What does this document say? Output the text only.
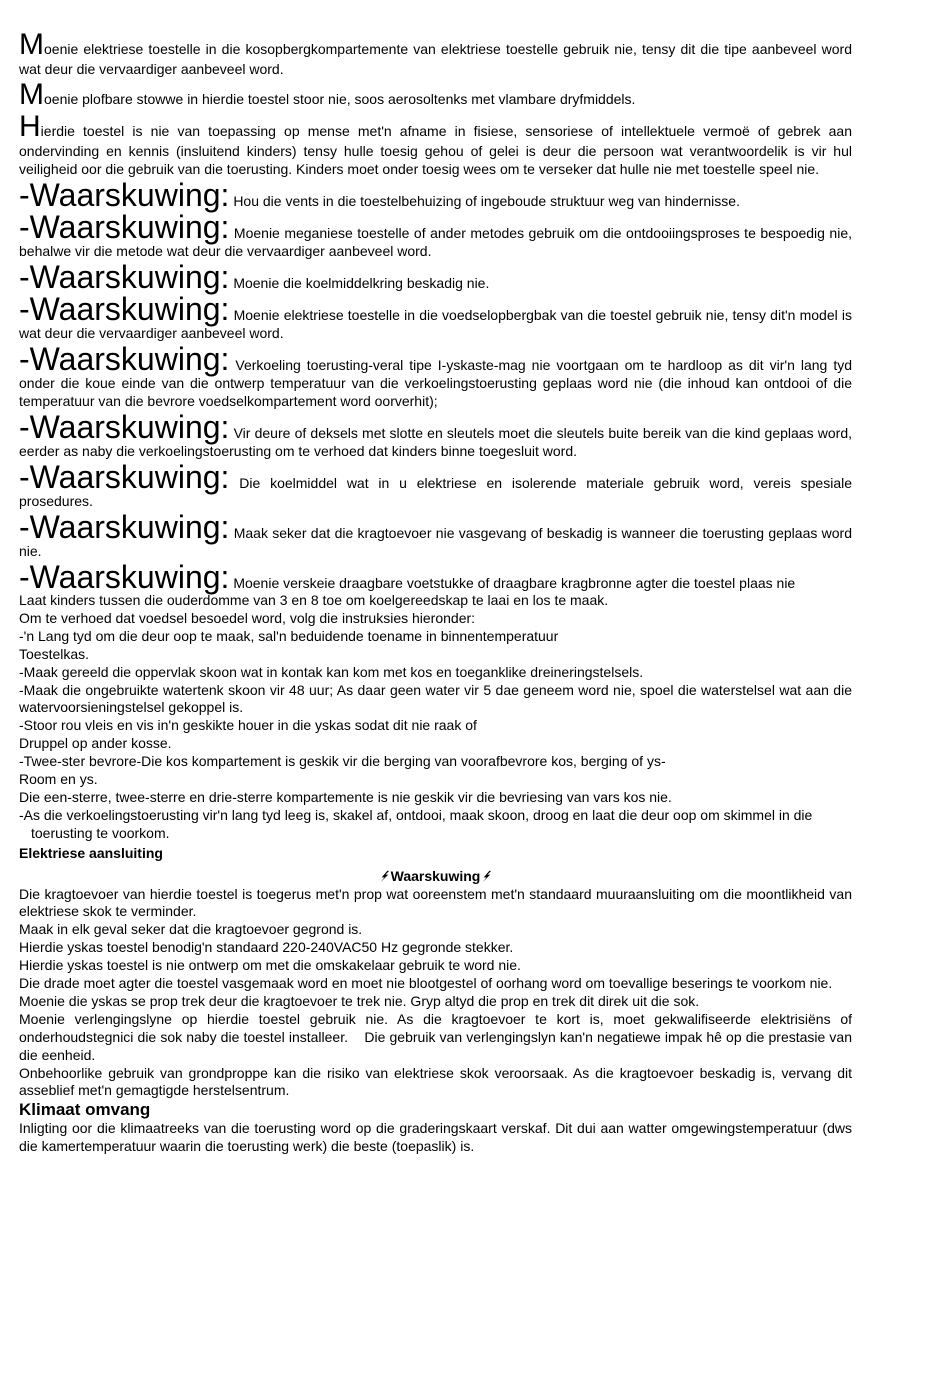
Moenie elektriese toestelle in die kosopbergkompartemente van elektriese toestelle gebruik nie, tensy dit die tipe aanbeveel word wat deur die vervaardiger aanbeveel word.

Moenie plofbare stowwe in hierdie toestel stoor nie, soos aerosoltenks met vlambare dryfmiddels.

Hierdie toestel is nie van toepassing op mense met'n afname in fisiese, sensoriese of intellektuele vermoë of gebrek aan ondervinding en kennis (insluitend kinders) tensy hulle toesig gehou of gelei is deur die persoon wat verantwoordelik is vir hul veiligheid oor die gebruik van die toerusting. Kinders moet onder toesig wees om te verseker dat hulle nie met toestelle speel nie.

-Waarskuwing: Hou die vents in die toestelbehuizing of ingeboude struktuur weg van hindernisse.

-Waarskuwing: Moenie meganiese toestelle of ander metodes gebruik om die ontdooiingsproses te bespoedig nie, behalwe vir die metode wat deur die vervaardiger aanbeveel word.

-Waarskuwing: Moenie die koelmiddelkring beskadig nie.

-Waarskuwing: Moenie elektriese toestelle in die voedselopbergbak van die toestel gebruik nie, tensy dit'n model is wat deur die vervaardiger aanbeveel word.

-Waarskuwing: Verkoeling toerusting-veral tipe I-yskaste-mag nie voortgaan om te hardloop as dit vir'n lang tyd onder die koue einde van die ontwerp temperatuur van die verkoelingstoerusting geplaas word nie (die inhoud kan ontdooi of die temperatuur van die bevrore voedselkompartement word oorverhit);

-Waarskuwing: Vir deure of deksels met slotte en sleutels moet die sleutels buite bereik van die kind geplaas word, eerder as naby die verkoelingstoerusting om te verhoed dat kinders binne toegesluit word.

-Waarskuwing: Die koelmiddel wat in u elektriese en isolerende materiale gebruik word, vereis spesiale prosedures.

-Waarskuwing: Maak seker dat die kragtoevoer nie vasgevang of beskadig is wanneer die toerusting geplaas word nie.

-Waarskuwing: Moenie verskeie draagbare voetstukke of draagbare kragbronne agter die toestel plaas nie

Laat kinders tussen die ouderdomme van 3 en 8 toe om koelgereedskap te laai en los te maak.

Om te verhoed dat voedsel besoedel word, volg die instruksies hieronder:

-'n Lang tyd om die deur oop te maak, sal'n beduidende toename in binnentemperatuur

Toestelkas.

-Maak gereeld die oppervlak skoon wat in kontak kan kom met kos en toeganklike dreineringstelsels.

-Maak die ongebruikte watertenk skoon vir 48 uur; As daar geen water vir 5 dae geneem word nie, spoel die waterstelsel wat aan die watervoorsieningstelsel gekoppel is.

-Stoor rou vleis en vis in'n geskikte houer in die yskas sodat dit nie raak of

Druppel op ander kosse.

-Twee-ster bevrore-Die kos kompartement is geskik vir die berging van voorafbevrore kos, berging of ys-

Room en ys.

Die een-sterre, twee-sterre en drie-sterre kompartemente is nie geskik vir die bevriesing van vars kos nie.

-As die verkoelingstoerusting vir'n lang tyd leeg is, skakel af, ontdooi, maak skoon, droog en laat die deur oop om skimmel in die toerusting te voorkom.

Elektriese aansluiting

Waarskuwing

Die kragtoevoer van hierdie toestel is toegerus met'n prop wat ooreenstem met'n standaard muuraansluiting om die moontlikheid van elektriese skok te verminder.

Maak in elk geval seker dat die kragtoevoer gegrond is.

Hierdie yskas toestel benodig'n standaard 220-240VAC50 Hz gegronde stekker.

Hierdie yskas toestel is nie ontwerp om met die omskakelaar gebruik te word nie.

Die drade moet agter die toestel vasgemaak word en moet nie blootgestel of oorhang word om toevallige beserings te voorkom nie.

Moenie die yskas se prop trek deur die kragtoevoer te trek nie. Gryp altyd die prop en trek dit direk uit die sok.

Moenie verlengingslyne op hierdie toestel gebruik nie. As die kragtoevoer te kort is, moet gekwalifiseerde elektrisiëns of onderhoudstegnici die sok naby die toestel installeer.    Die gebruik van verlengingslyn kan'n negatiewe impak hê op die prestasie van die eenheid.

Onbehoorlike gebruik van grondproppe kan die risiko van elektriese skok veroorsaak. As die kragtoevoer beskadig is, vervang dit asseblief met'n gemagtigde herstelsentrum.

Klimaat omvang

Inligting oor die klimaatreeks van die toerusting word op die graderingskaart verskaf. Dit dui aan watter omgewingstemperatuur (dws die kamertemperatuur waarin die toerusting werk) die beste (toepaslik) is.
